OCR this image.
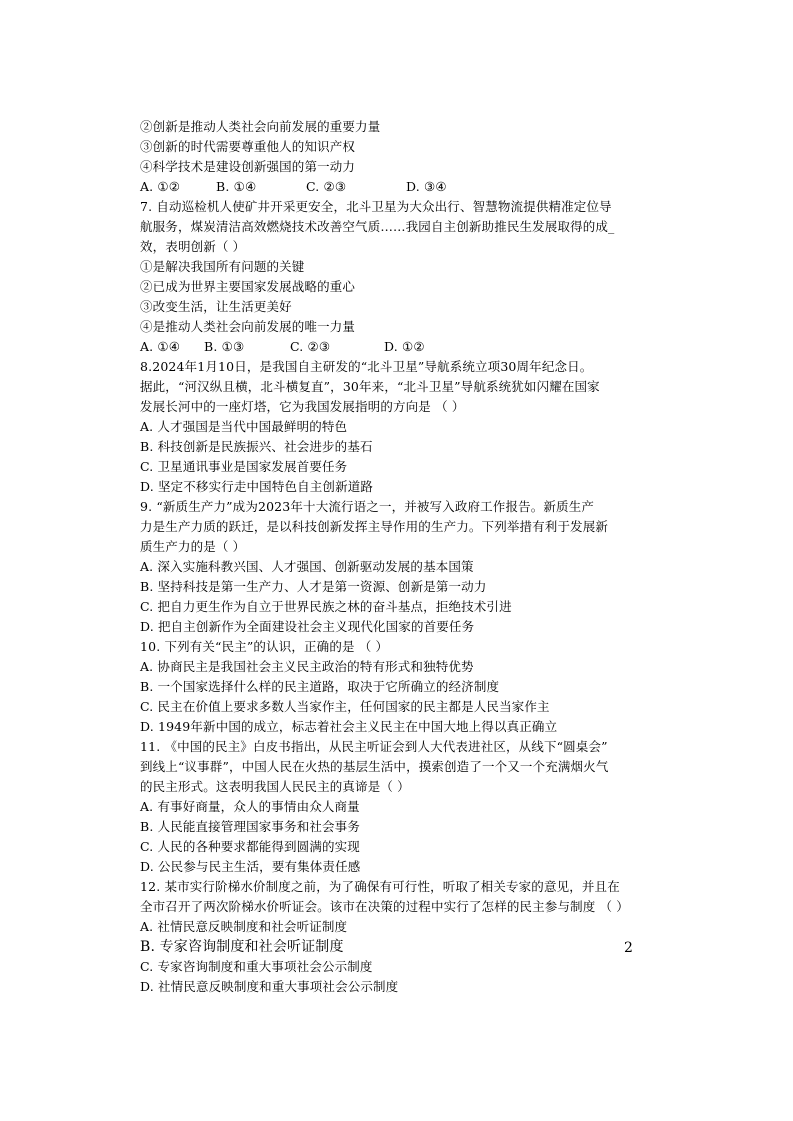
②创新是推动人类社会向前发展的重要力量
③创新的时代需要尊重他人的知识产权
④科学技术是建设创新强国的第一动力
A. ①②	B. ①④	C. ②③	D. ③④
7. 自动巡检机人使矿井开采更安全，北斗卫星为大众出行、智慧物流提供精准定位导
航服务，煤炭清洁高效燃烧技术改善空气质……我园自主创新助推民生发展取得的成_
效，表明创新（ ）
①是解决我国所有问题的关键
②已成为世界主要国家发展战略的重心
③改变生活，让生活更美好
④是推动人类社会向前发展的唯一力量
A. ①④	B. ①③	C. ②③	D. ①②
8.2024年1月10日，是我国自主研发的“北斗卫星”导航系统立项30周年纪念日。
据此，“河汉纵且横，北斗横复直”，30年来，“北斗卫星”导航系统犹如闪耀在国家
发展长河中的一座灯塔，它为我国发展指明的方向是 （ ）
A. 人才强国是当代中国最鲜明的特色
B. 科技创新是民族振兴、社会进步的基石
C. 卫星通讯事业是国家发展首要任务
D. 坚定不移实行走中国特色自主创新道路
9. “新质生产力”成为2023年十大流行语之一，并被写入政府工作报告。新质生产
力是生产力质的跃迁，是以科技创新发挥主导作用的生产力。下列举措有利于发展新
质生产力的是（ ）
A. 深入实施科教兴国、人才强国、创新驱动发展的基本国策
B. 坚持科技是第一生产力、人才是第一资源、创新是第一动力
C. 把自力更生作为自立于世界民族之林的奋斗基点，拒绝技术引进
D. 把自主创新作为全面建设社会主义现代化国家的首要任务
10. 下列有关“民主”的认识，正确的是 （ ）
A. 协商民主是我国社会主义民主政治的特有形式和独特优势
B. 一个国家选择什么样的民主道路，取决于它所确立的经济制度
C. 民主在价值上要求多数人当家作主，任何国家的民主都是人民当家作主
D. 1949年新中国的成立，标志着社会主义民主在中国大地上得以真正确立
11. 《中国的民主》白皮书指出，从民主听证会到人大代表进社区，从线下“圆桌会”
到线上“议事群”，中国人民在火热的基层生活中，摸索创造了一个又一个充满烟火气
的民主形式。这表明我国人民民主的真谛是（ ）
A. 有事好商量，众人的事情由众人商量
B. 人民能直接管理国家事务和社会事务
C. 人民的各种要求都能得到圆满的实现
D. 公民参与民主生活，要有集体责任感
12. 某市实行阶梯水价制度之前，为了确保有可行性，听取了相关专家的意见，并且在
全市召开了两次阶梯水价听证会。该市在决策的过程中实行了怎样的民主参与制度 （ ）
A. 社情民意反映制度和社会听证制度
B. 专家咨询制度和社会听证制度
C. 专家咨询制度和重大事项社会公示制度
D. 社情民意反映制度和重大事项社会公示制度
2
